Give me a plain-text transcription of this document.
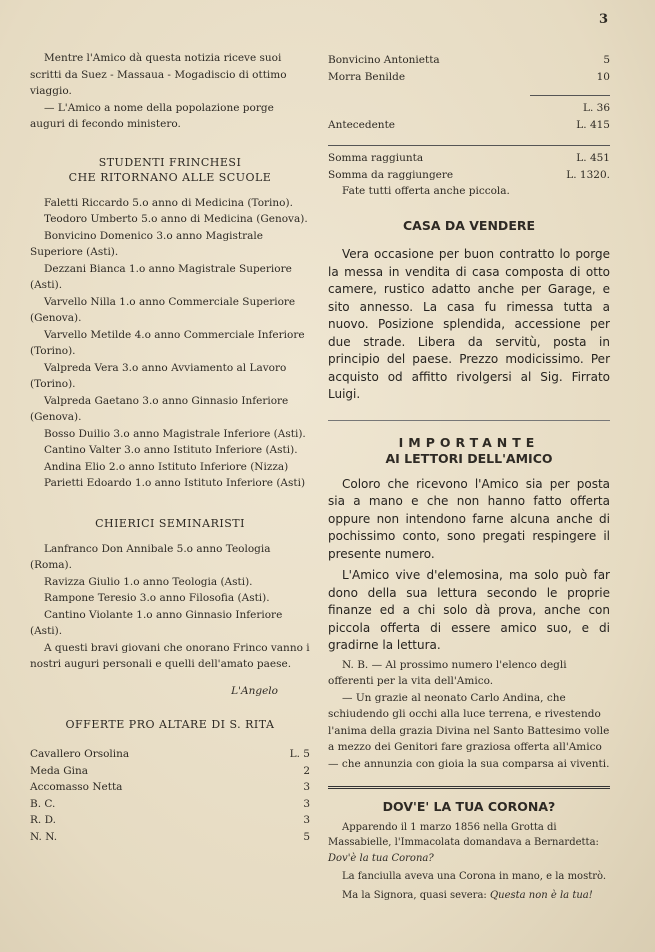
3

Mentre l'Amico dà questa notizia riceve suoi scritti da Suez - Massaua - Mogadiscio di ottimo viaggio.

— L'Amico a nome della popolazione porge auguri di fecondo ministero.

STUDENTI FRINCHESI
CHE RITORNANO ALLE SCUOLE

Faletti Riccardo 5.o anno di Medicina (Torino).

Teodoro Umberto 5.o anno di Medicina (Genova).

Bonvicino Domenico 3.o anno Magistrale Superiore (Asti).

Dezzani Bianca 1.o anno Magistrale Superiore (Asti).

Varvello Nilla 1.o anno Commerciale Superiore (Genova).

Varvello Metilde 4.o anno Commerciale Inferiore (Torino).

Valpreda Vera 3.o anno Avviamento al Lavoro (Torino).

Valpreda Gaetano 3.o anno Ginnasio Inferiore (Genova).

Bosso Duilio 3.o anno Magistrale Inferiore (Asti).

Cantino Valter 3.o anno Istituto Inferiore (Asti).

Andina Elio 2.o anno Istituto Inferiore (Nizza)

Parietti Edoardo 1.o anno Istituto Inferiore (Asti)

CHIERICI SEMINARISTI

Lanfranco Don Annibale 5.o anno Teologia (Roma).

Ravizza Giulio 1.o anno Teologia (Asti).

Rampone Teresio 3.o anno Filosofia (Asti).

Cantino Violante 1.o anno Ginnasio Inferiore (Asti).

A questi bravi giovani che onorano Frinco vanno i nostri auguri personali e quelli dell'amato paese.

L'Angelo
OFFERTE PRO ALTARE DI S. RITA
Cavallero Orsolina	L. 5
Meda Gina	2
Accomasso Netta	3
B. C.	3
R. D.	3
N. N.	5
Bonvicino Antonietta	5
Morra Benilde	10
L. 36
Antecedente	L. 415
Somma raggiunta	L. 451
Somma da raggiungere	L. 1320.

Fate tutti offerta anche piccola.

CASA DA VENDERE

Vera occasione per buon contratto lo porge la messa in vendita di casa composta di otto camere, rustico adatto anche per Garage, e sito annesso. La casa fu rimessa tutta a nuovo. Posizione splendida, accessione per due strade. Libera da servitù, posta in principio del paese. Prezzo modicissimo. Per acquisto od affitto rivolgersi al Sig. Firrato Luigi.

IMPORTANTE
AI LETTORI DELL'AMICO

Coloro che ricevono l'Amico sia per posta sia a mano e che non hanno fatto offerta oppure non intendono farne alcuna anche di pochissimo conto, sono pregati respingere il presente numero.

L'Amico vive d'elemosina, ma solo può far dono della sua lettura secondo le proprie finanze ed a chi solo dà prova, anche con piccola offerta di essere amico suo, e di gradirne la lettura.

N. B. — Al prossimo numero l'elenco degli offerenti per la vita dell'Amico.

— Un grazie al neonato Carlo Andina, che schiudendo gli occhi alla luce terrena, e rivestendo l'anima della grazia Divina nel Santo Battesimo volle a mezzo dei Genitori fare graziosa offerta all'Amico — che annunzia con gioia la sua comparsa ai viventi.

DOV'E' LA TUA CORONA?

Apparendo il 1 marzo 1856 nella Grotta di Massabielle, l'Immacolata domandava a Bernardetta: Dov'è la tua Corona?

La fanciulla aveva una Corona in mano, e la mostrò.

Ma la Signora, quasi severa: Questa non è la tua!
